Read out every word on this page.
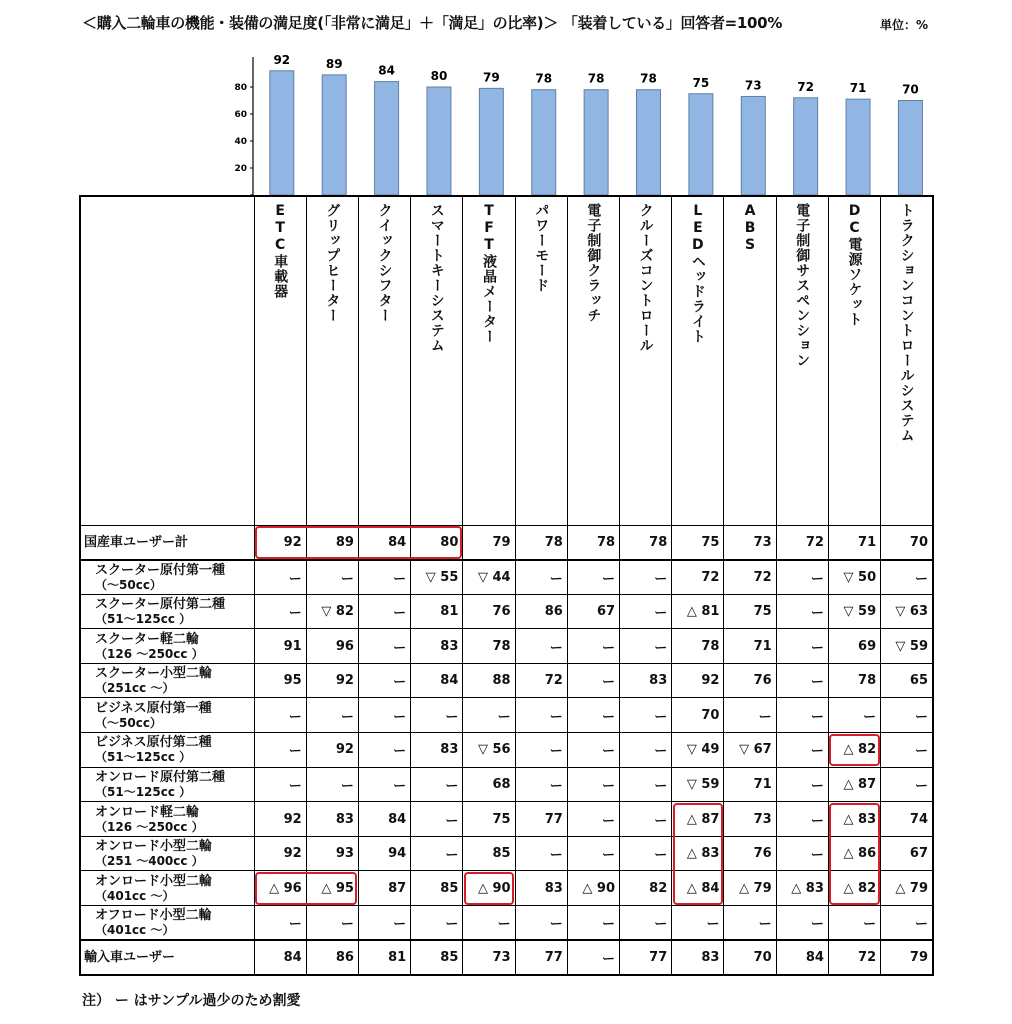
＜購入二輪車の機能・装備の満足度(「非常に満足」＋「満足」の比率)＞ 「装着している」回答者=100%	単位：%
20
40
60
80
92	89	84	80	79	78	78	78	75	73	72	71	70

	ETC車載器	グリップヒーター	クイックシフター	スマートキーシステム	TFT液晶メーター	パワーモード	電子制御クラッチ	クルーズコントロール	LEDヘッドライト	ABS	電子制御サスペンション	DC電源ソケット	トラクションコントロールシステム

国産車ユーザー計	92	89	84	80	79	78	78	78	75	73	72	71	70

スクーター原付第一種
（～50cc）	ー	ー	ー	▽ 55	▽ 44	ー	ー	ー	72	72	ー	▽ 50	ー

スクーター原付第二種
（51～125cc ）	ー	▽ 82	ー	81	76	86	67	ー	△ 81	75	ー	▽ 59	▽ 63

スクーター軽二輪
（126 ～250cc ）	91	96	ー	83	78	ー	ー	ー	78	71	ー	69	▽ 59

スクーター小型二輪
（251cc ～）	95	92	ー	84	88	72	ー	83	92	76	ー	78	65

ビジネス原付第一種
（～50cc）	ー	ー	ー	ー	ー	ー	ー	ー	70	ー	ー	ー	ー

ビジネス原付第二種
（51～125cc ）	ー	92	ー	83	▽ 56	ー	ー	ー	▽ 49	▽ 67	ー	△ 82	ー

オンロード原付第二種
（51～125cc ）	ー	ー	ー	ー	68	ー	ー	ー	▽ 59	71	ー	△ 87	ー

オンロード軽二輪
（126 ～250cc ）	92	83	84	ー	75	77	ー	ー	△ 87	73	ー	△ 83	74

オンロード小型二輪
（251 ～400cc ）	92	93	94	ー	85	ー	ー	ー	△ 83	76	ー	△ 86	67

オンロード小型二輪
（401cc ～）	△ 96	△ 95	87	85	△ 90	83	△ 90	82	△ 84	△ 79	△ 83	△ 82	△ 79

オフロード小型二輪
（401cc ～）	ー	ー	ー	ー	ー	ー	ー	ー	ー	ー	ー	ー	ー

輸入車ユーザー	84	86	81	85	73	77	ー	77	83	70	84	72	79
注） ー はサンプル過少のため割愛
